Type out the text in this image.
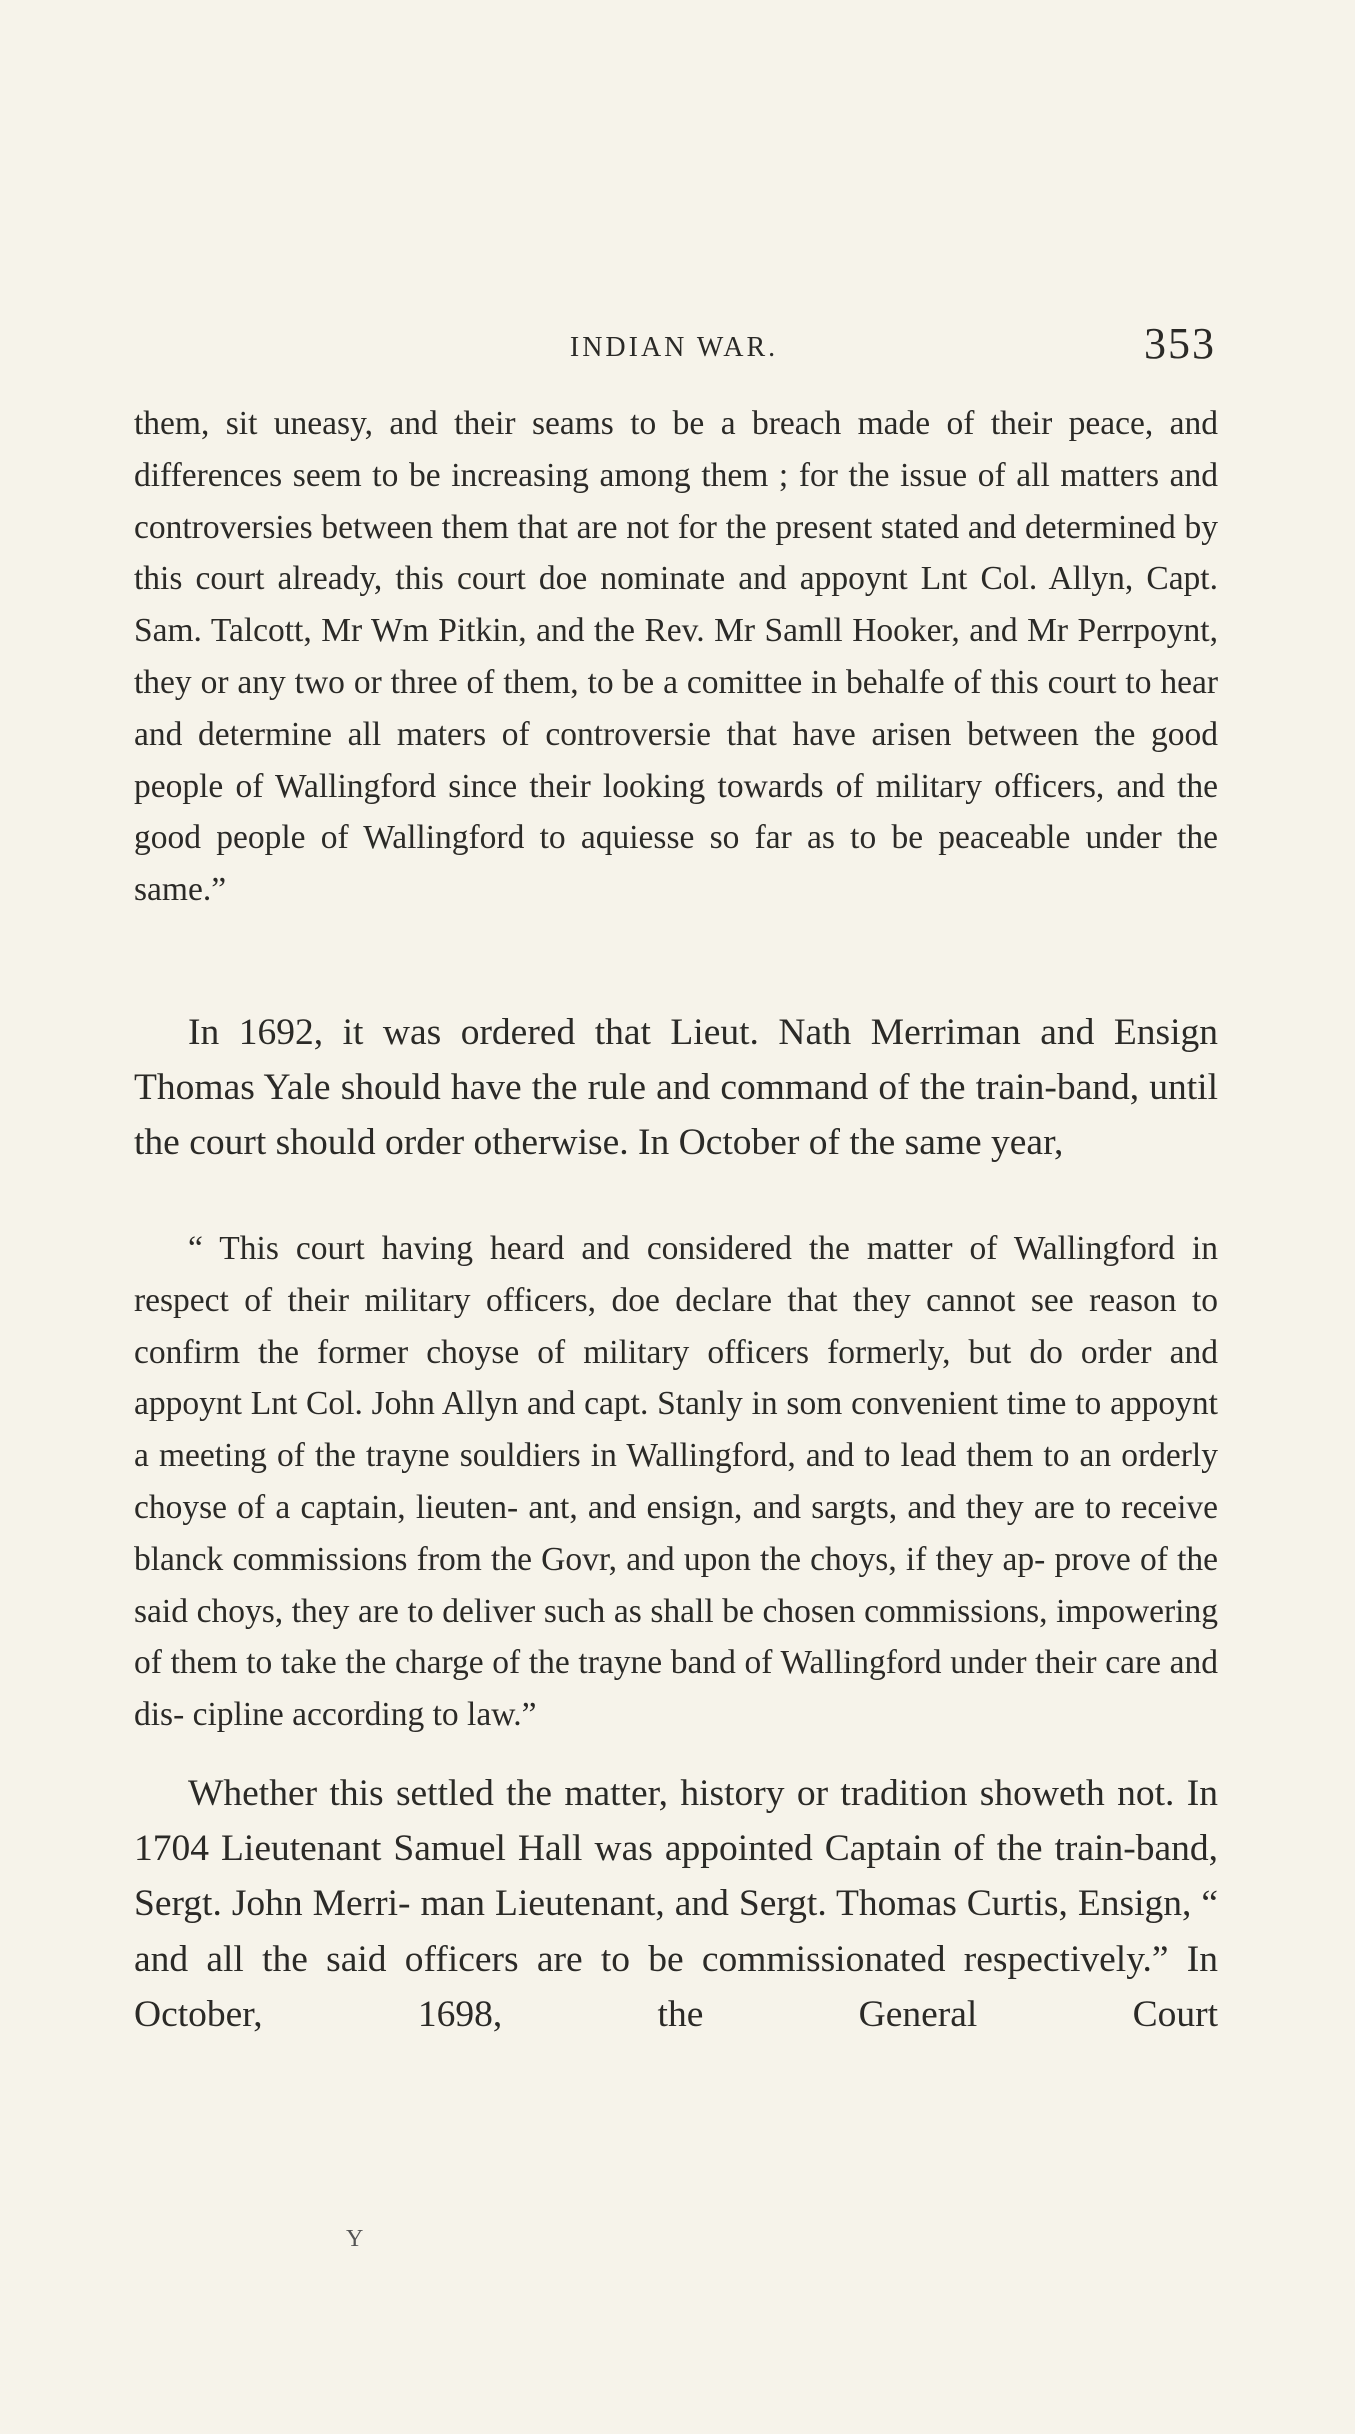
INDIAN WAR.	353

them, sit uneasy, and their seams to be a breach made of their peace, and differences seem to be increasing among them ; for the issue of all matters and controversies between them that are not for the present stated and determined by this court already, this court doe nominate and appoynt Lnt Col. Allyn, Capt. Sam. Talcott, Mr Wm Pitkin, and the Rev. Mr Samll Hooker, and Mr Perrpoynt, they or any two or three of them, to be a comittee in behalfe of this court to hear and determine all maters of controversie that have arisen between the good people of Wallingford since their looking towards of military officers, and the good people of Wallingford to aquiesse so far as to be peaceable under the same.”

In 1692, it was ordered that Lieut. Nath Merriman and Ensign Thomas Yale should have the rule and command of the train-band, until the court should order otherwise. In October of the same year,

“ This court having heard and considered the matter of Wallingford in respect of their military officers, doe declare that they cannot see reason to confirm the former choyse of military officers formerly, but do order and appoynt Lnt Col. John Allyn and capt. Stanly in som convenient time to appoynt a meeting of the trayne souldiers in Wallingford, and to lead them to an orderly choyse of a captain, lieuten- ant, and ensign, and sargts, and they are to receive blanck commissions from the Govr, and upon the choys, if they ap- prove of the said choys, they are to deliver such as shall be chosen commissions, impowering of them to take the charge of the trayne band of Wallingford under their care and dis- cipline according to law.”

Whether this settled the matter, history or tradition showeth not. In 1704 Lieutenant Samuel Hall was appointed Captain of the train-band, Sergt. John Merri- man Lieutenant, and Sergt. Thomas Curtis, Ensign, “ and all the said officers are to be commissionated respectively.” In October, 1698, the General Court

Y
